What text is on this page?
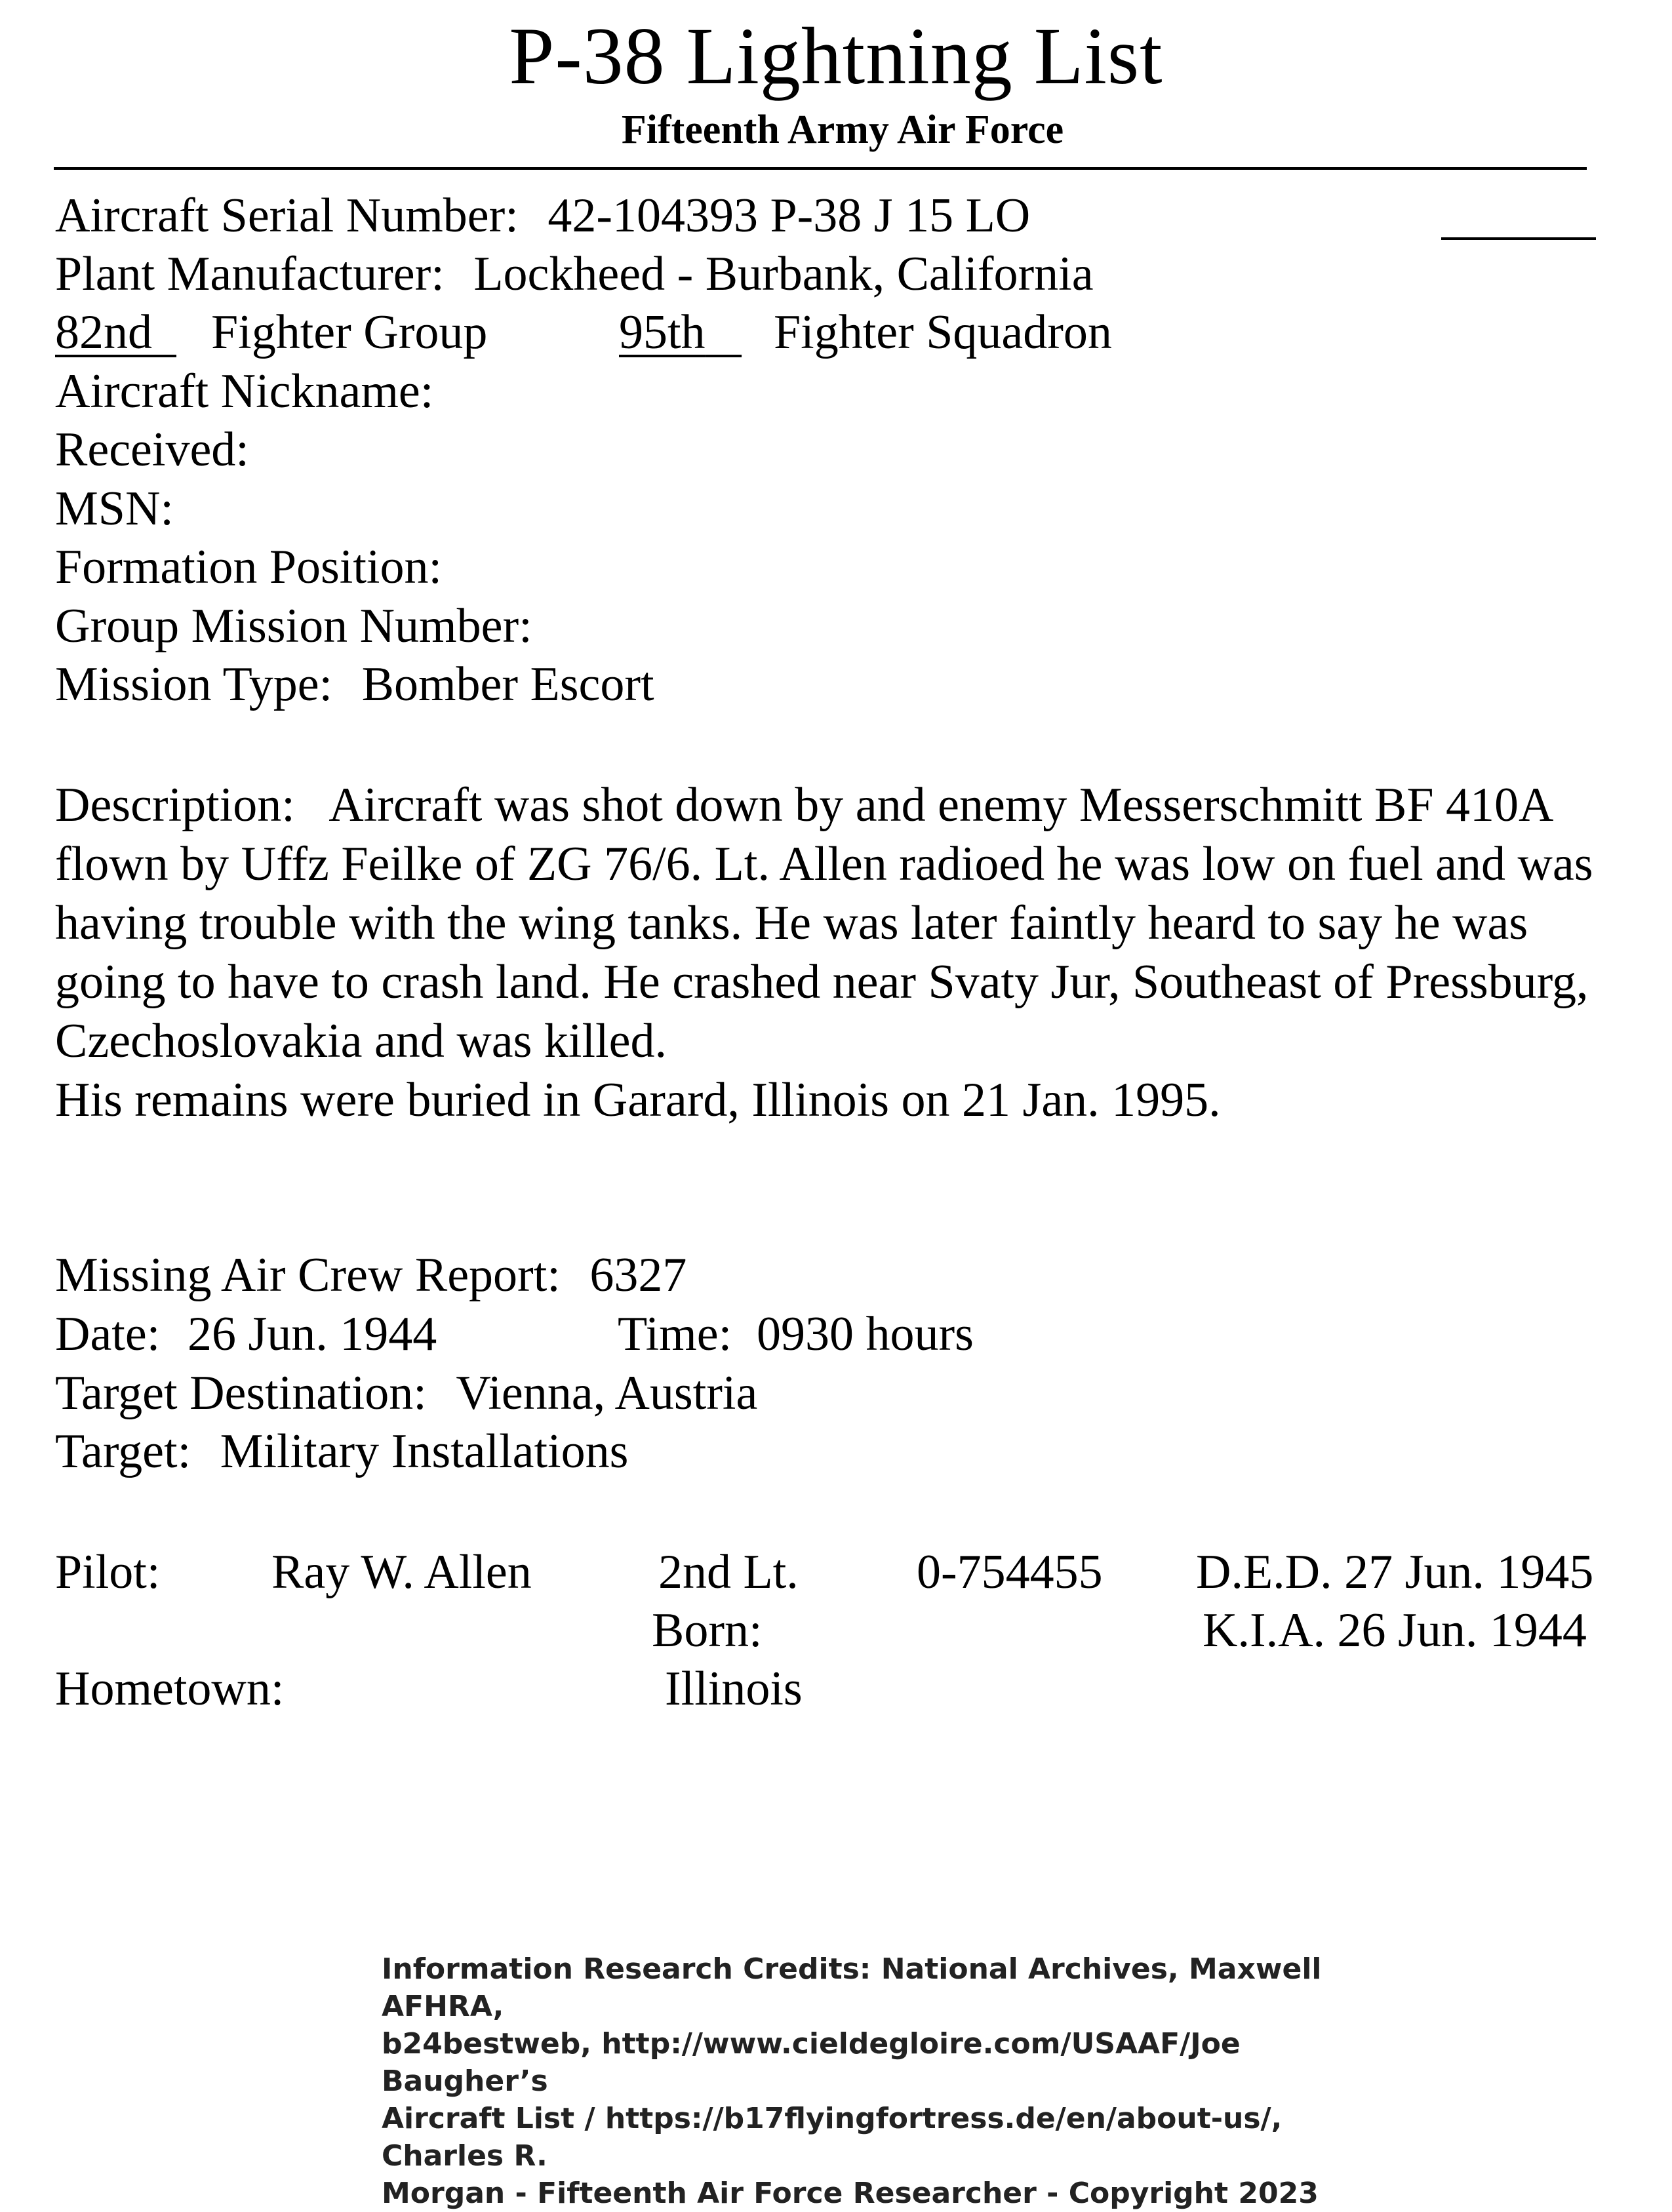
P-38 Lightning List
Fifteenth Army Air Force
Aircraft Serial Number: 42-104393 P-38 J 15 LO
Plant Manufacturer: Lockheed - Burbank, California
82nd	Fighter Group	95th	Fighter Squadron
Aircraft Nickname:
Received:
MSN:
Formation Position:
Group Mission Number:
Mission Type: Bomber Escort

Description: Aircraft was shot down by and enemy Messerschmitt BF 410A flown by Uffz Feilke of ZG 76/6. Lt. Allen radioed he was low on fuel and was having trouble with the wing tanks. He was later faintly heard to say he was going to have to crash land. He crashed near Svaty Jur, Southeast of Pressburg, Czechoslovakia and was killed.

His remains were buried in Garard, Illinois on 21 Jan. 1995.

Missing Air Crew Report: 6327
Date: 26 Jun. 1944	Time: 0930 hours
Target Destination: Vienna, Austria
Target: Military Installations
Pilot: Ray W. Allen	2nd Lt. 0-754455 D.E.D. 27 Jun. 1945
Born:	K.I.A. 26 Jun. 1944
Hometown:	Illinois

Information Research Credits: National Archives, Maxwell AFHRA,

b24bestweb, http://www.cieldegloire.com/USAAF/Joe Baugher’s

Aircraft List / https://b17flyingfortress.de/en/about-us/, Charles R.

Morgan - Fifteenth Air Force Researcher - Copyright 2023
